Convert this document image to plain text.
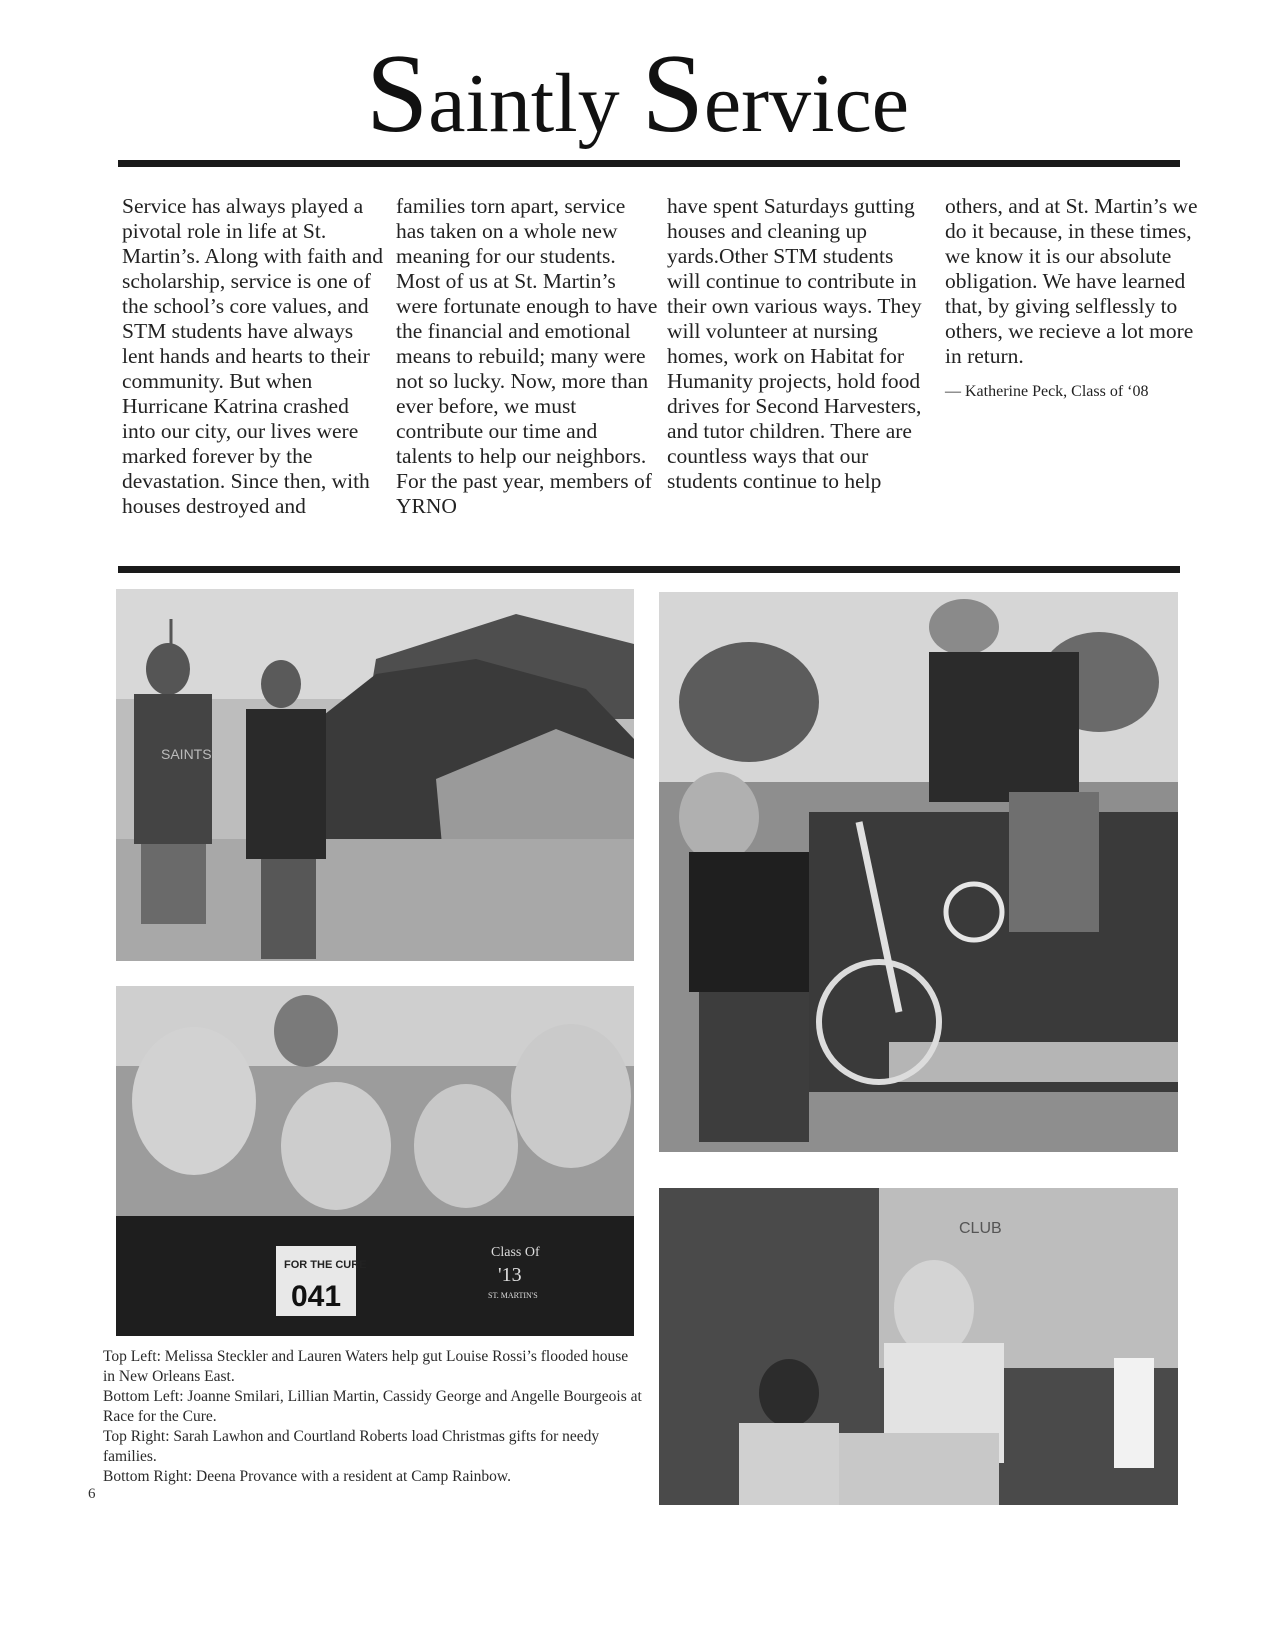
Saintly Service
Service has always played a pivotal role in life at St. Martin’s. Along with faith and scholarship, service is one of the school’s core values, and STM students have always lent hands and hearts to their community. But when Hurricane Katrina crashed into our city, our lives were marked forever by the devastation. Since then, with houses destroyed and
families torn apart, service has taken on a whole new meaning for our students. Most of us at St. Martin’s were fortunate enough to have the financial and emotional means to rebuild; many were not so lucky. Now, more than ever before, we must contribute our time and talents to help our neighbors. For the past year, members of YRNO
have spent Saturdays gutting houses and cleaning up yards.Other STM students will continue to contribute in their own various ways. They will volunteer at nursing homes, work on Habitat for Humanity projects, hold food drives for Second Harvesters, and tutor children. There are countless ways that our students continue to help
others, and at St. Martin’s we do it because, in these times, we know it is our absolute obligation. We have learned that, by giving selflessly to others, we recieve a lot more in return.
— Katherine Peck, Class of ‘08
SAINTS
FOR THE CURE
041
Class Of
'13
ST. MARTIN'S
CLUB

Top Left: Melissa Steckler and Lauren Waters help gut Louise Rossi’s flooded house in New Orleans East.

Bottom Left: Joanne Smilari, Lillian Martin, Cassidy George and Angelle Bourgeois at Race for the Cure.

Top Right: Sarah Lawhon and Courtland Roberts load Christmas gifts for needy families.

Bottom Right: Deena Provance with a resident at Camp Rainbow.

6
